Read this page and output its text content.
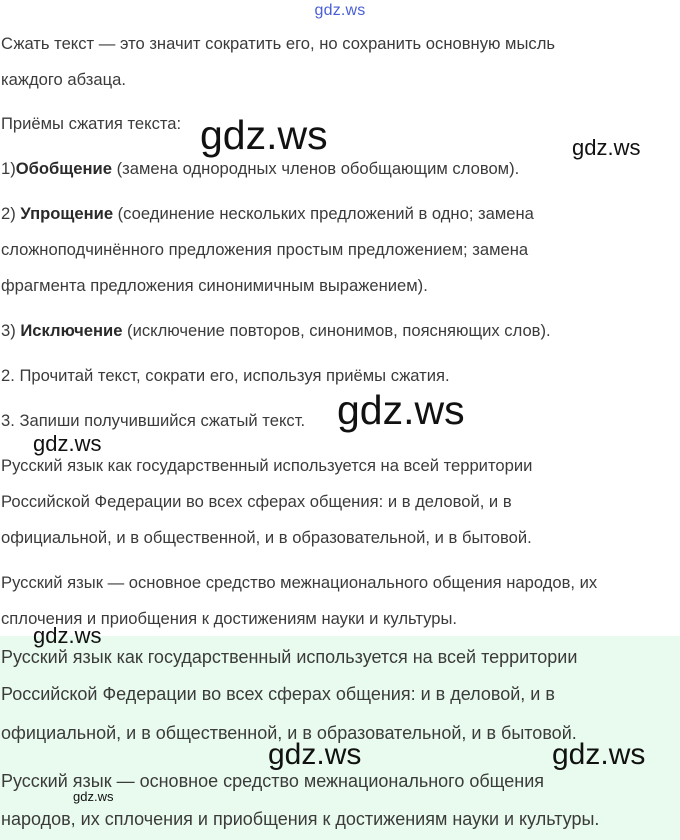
gdz.ws
Сжать текст — это значит сократить его, но сохранить основную мысль
каждого абзаца.
Приёмы сжатия текста:
1)Обобщение (замена однородных членов обобщающим словом).
2) Упрощение (соединение нескольких предложений в одно; замена
сложноподчинённого предложения простым предложением; замена
фрагмента предложения синонимичным выражением).
3) Исключение (исключение повторов, синонимов, поясняющих слов).
2. Прочитай текст, сократи его, используя приёмы сжатия.
3. Запиши получившийся сжатый текст.
Русский язык как государственный используется на всей территории
Российской Федерации во всех сферах общения: и в деловой, и в
официальной, и в общественной, и в образовательной, и в бытовой.
Русский язык — основное средство межнационального общения народов, их
сплочения и приобщения к достижениям науки и культуры.
Русский язык как государственный используется на всей территории
Российской Федерации во всех сферах общения: и в деловой, и в
официальной, и в общественной, и в образовательной, и в бытовой.
Русский язык — основное средство межнационального общения
народов, их сплочения и приобщения к достижениям науки и культуры.
gdz.ws	gdz.ws
gdz.ws
gdz.ws
gdz.ws
gdz.ws	gdz.ws
gdz.ws
